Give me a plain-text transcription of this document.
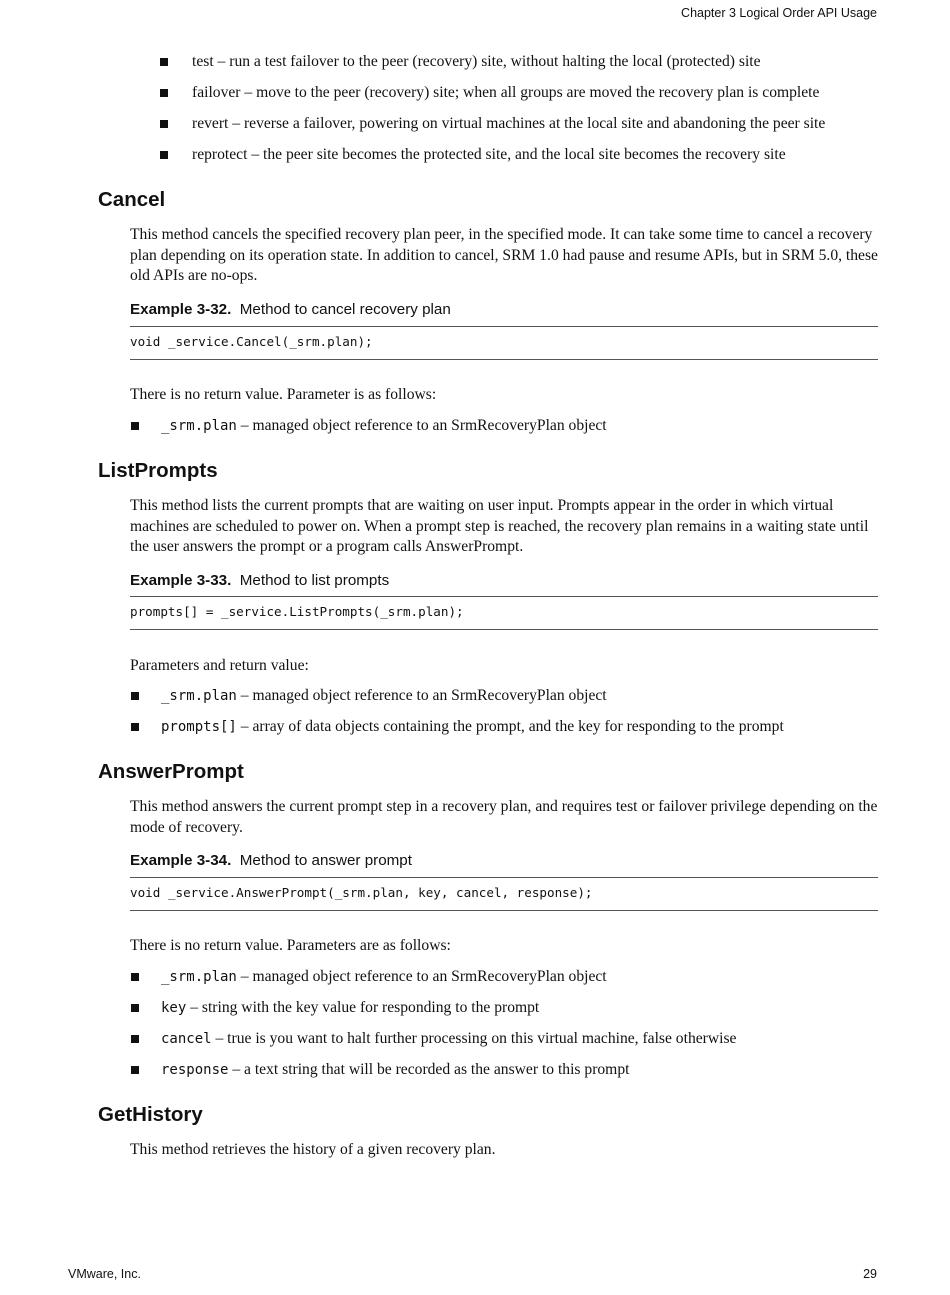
Chapter 3 Logical Order API Usage
test – run a test failover to the peer (recovery) site, without halting the local (protected) site
failover – move to the peer (recovery) site; when all groups are moved the recovery plan is complete
revert – reverse a failover, powering on virtual machines at the local site and abandoning the peer site
reprotect – the peer site becomes the protected site, and the local site becomes the recovery site
Cancel
This method cancels the specified recovery plan peer, in the specified mode. It can take some time to cancel a recovery plan depending on its operation state. In addition to cancel, SRM 1.0 had pause and resume APIs, but in SRM 5.0, these old APIs are no-ops.
Example 3-32. Method to cancel recovery plan
void _service.Cancel(_srm.plan);
There is no return value. Parameter is as follows:
_srm.plan – managed object reference to an SrmRecoveryPlan object
ListPrompts
This method lists the current prompts that are waiting on user input. Prompts appear in the order in which virtual machines are scheduled to power on. When a prompt step is reached, the recovery plan remains in a waiting state until the user answers the prompt or a program calls AnswerPrompt.
Example 3-33. Method to list prompts
prompts[] = _service.ListPrompts(_srm.plan);
Parameters and return value:
_srm.plan – managed object reference to an SrmRecoveryPlan object
prompts[] – array of data objects containing the prompt, and the key for responding to the prompt
AnswerPrompt
This method answers the current prompt step in a recovery plan, and requires test or failover privilege depending on the mode of recovery.
Example 3-34. Method to answer prompt
void _service.AnswerPrompt(_srm.plan, key, cancel, response);
There is no return value. Parameters are as follows:
_srm.plan – managed object reference to an SrmRecoveryPlan object
key – string with the key value for responding to the prompt
cancel – true is you want to halt further processing on this virtual machine, false otherwise
response – a text string that will be recorded as the answer to this prompt
GetHistory
This method retrieves the history of a given recovery plan.
VMware, Inc.	29
